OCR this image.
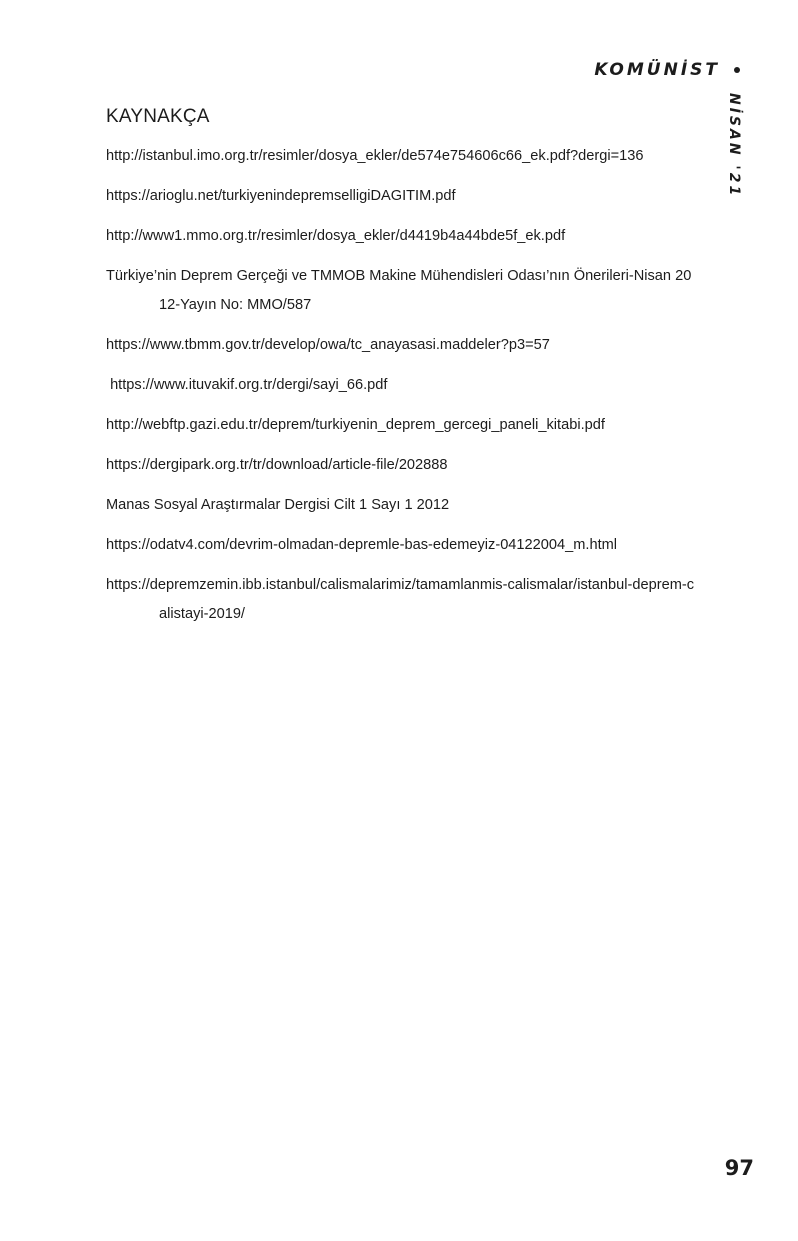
KOMÜNİST
NİSAN '21
KAYNAKÇA
http://istanbul.imo.org.tr/resimler/dosya_ekler/de574e754606c66_ek.pdf?dergi=136
https://arioglu.net/turkiyenindepremselligiDAGITIM.pdf
http://www1.mmo.org.tr/resimler/dosya_ekler/d4419b4a44bde5f_ek.pdf
Türkiye’nin Deprem Gerçeği ve TMMOB Makine Mühendisleri Odası’nın Önerileri-Nisan 2012-Yayın No: MMO/587
https://www.tbmm.gov.tr/develop/owa/tc_anayasasi.maddeler?p3=57
https://www.ituvakif.org.tr/dergi/sayi_66.pdf
http://webftp.gazi.edu.tr/deprem/turkiyenin_deprem_gercegi_paneli_kitabi.pdf
https://dergipark.org.tr/tr/download/article-file/202888
Manas Sosyal Araştırmalar Dergisi Cilt 1 Sayı 1 2012
https://odatv4.com/devrim-olmadan-depremle-bas-edemeyiz-04122004_m.html
https://depremzemin.ibb.istanbul/calismalarimiz/tamamlanmis-calismalar/istanbul-deprem-calistayi-2019/
97
